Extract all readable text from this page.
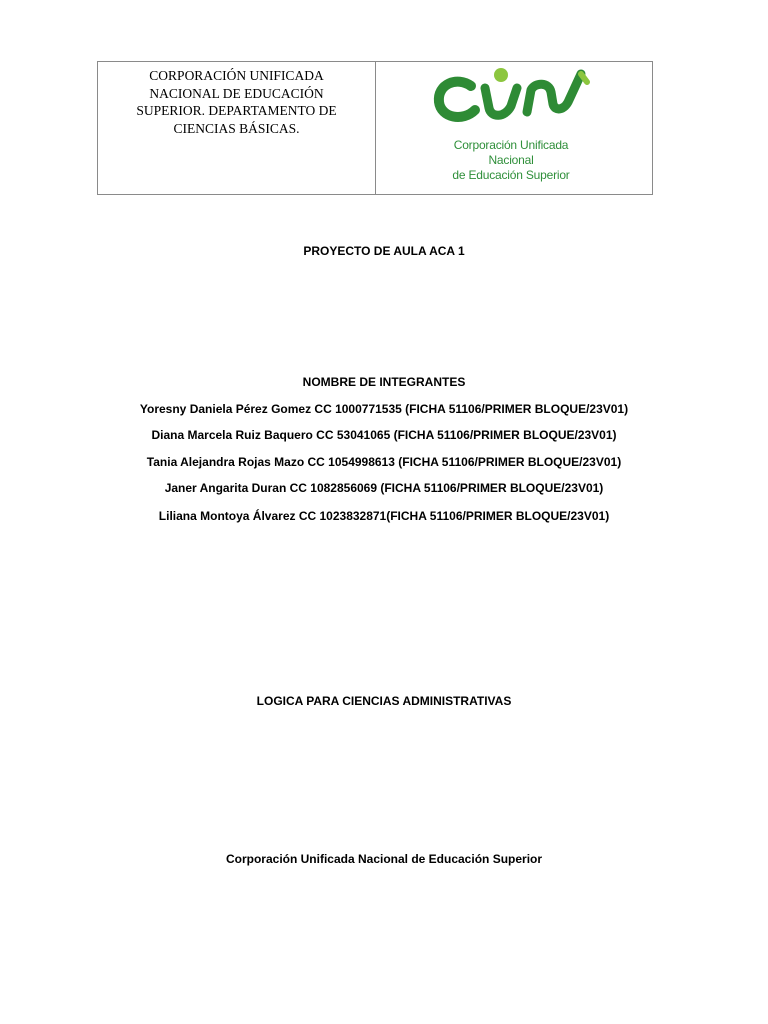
CORPORACIÓN UNIFICADA
NACIONAL DE EDUCACIÓN
SUPERIOR. DEPARTAMENTO DE
CIENCIAS BÁSICAS.
Corporación Unificada Nacional
de Educación Superior
PROYECTO DE AULA ACA 1
NOMBRE DE INTEGRANTES
Yoresny Daniela Pérez Gomez CC 1000771535 (FICHA 51106/PRIMER BLOQUE/23V01)
Diana Marcela Ruiz Baquero CC 53041065 (FICHA 51106/PRIMER BLOQUE/23V01)
Tania Alejandra Rojas Mazo CC 1054998613 (FICHA 51106/PRIMER BLOQUE/23V01)
Janer Angarita Duran CC 1082856069 (FICHA 51106/PRIMER BLOQUE/23V01)
Liliana Montoya Álvarez CC 1023832871(FICHA 51106/PRIMER BLOQUE/23V01)
LOGICA PARA CIENCIAS ADMINISTRATIVAS
Corporación Unificada Nacional de Educación Superior
